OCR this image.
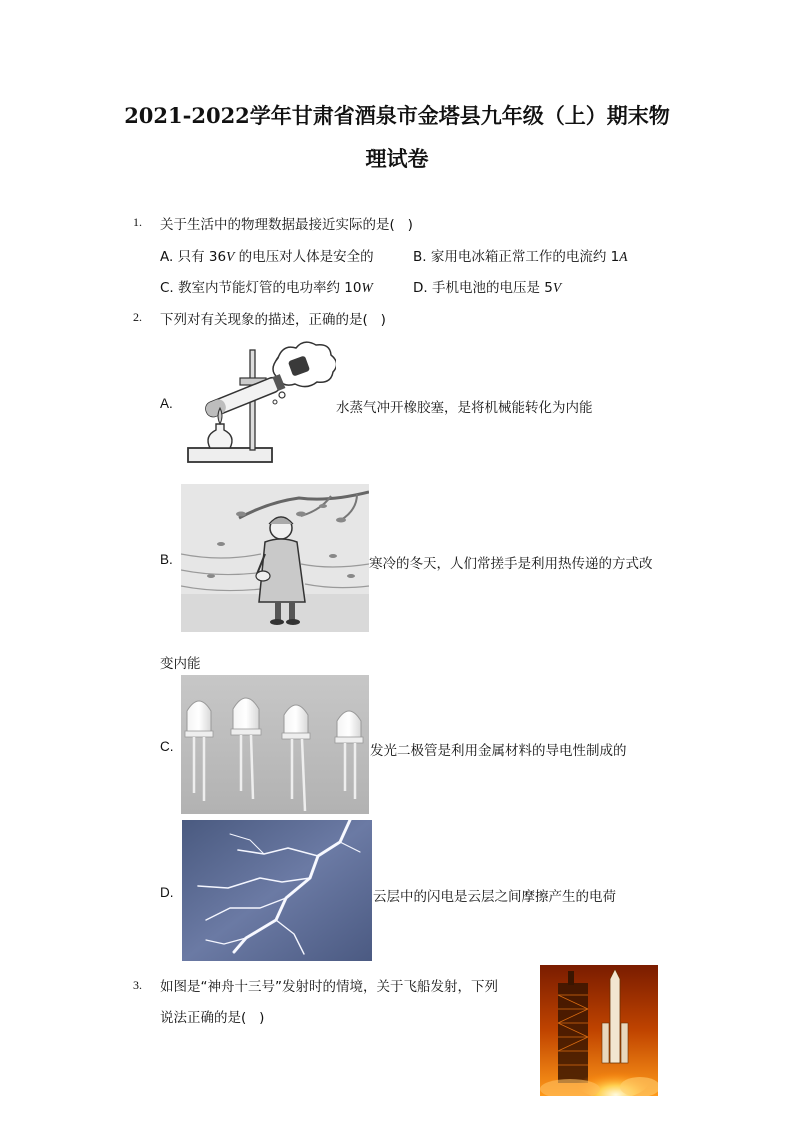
2021-2022学年甘肃省酒泉市金塔县九年级（上）期末物
理试卷
1. 关于生活中的物理数据最接近实际的是(   )
A. 只有 36V 的电压对人体是安全的	B. 家用电冰箱正常工作的电流约 1A
C. 教室内节能灯管的电功率约 10W	D. 手机电池的电压是 5V
2. 下列对有关现象的描述，正确的是(   )
A.	水蒸气冲开橡胶塞，是将机械能转化为内能
B.	寒冷的冬天，人们常搓手是利用热传递的方式改
变内能
C.	发光二极管是利用金属材料的导电性制成的
D.	云层中的闪电是云层之间摩擦产生的电荷
3. 如图是“神舟十三号”发射时的情境，关于飞船发射，下列
说法正确的是(   )
